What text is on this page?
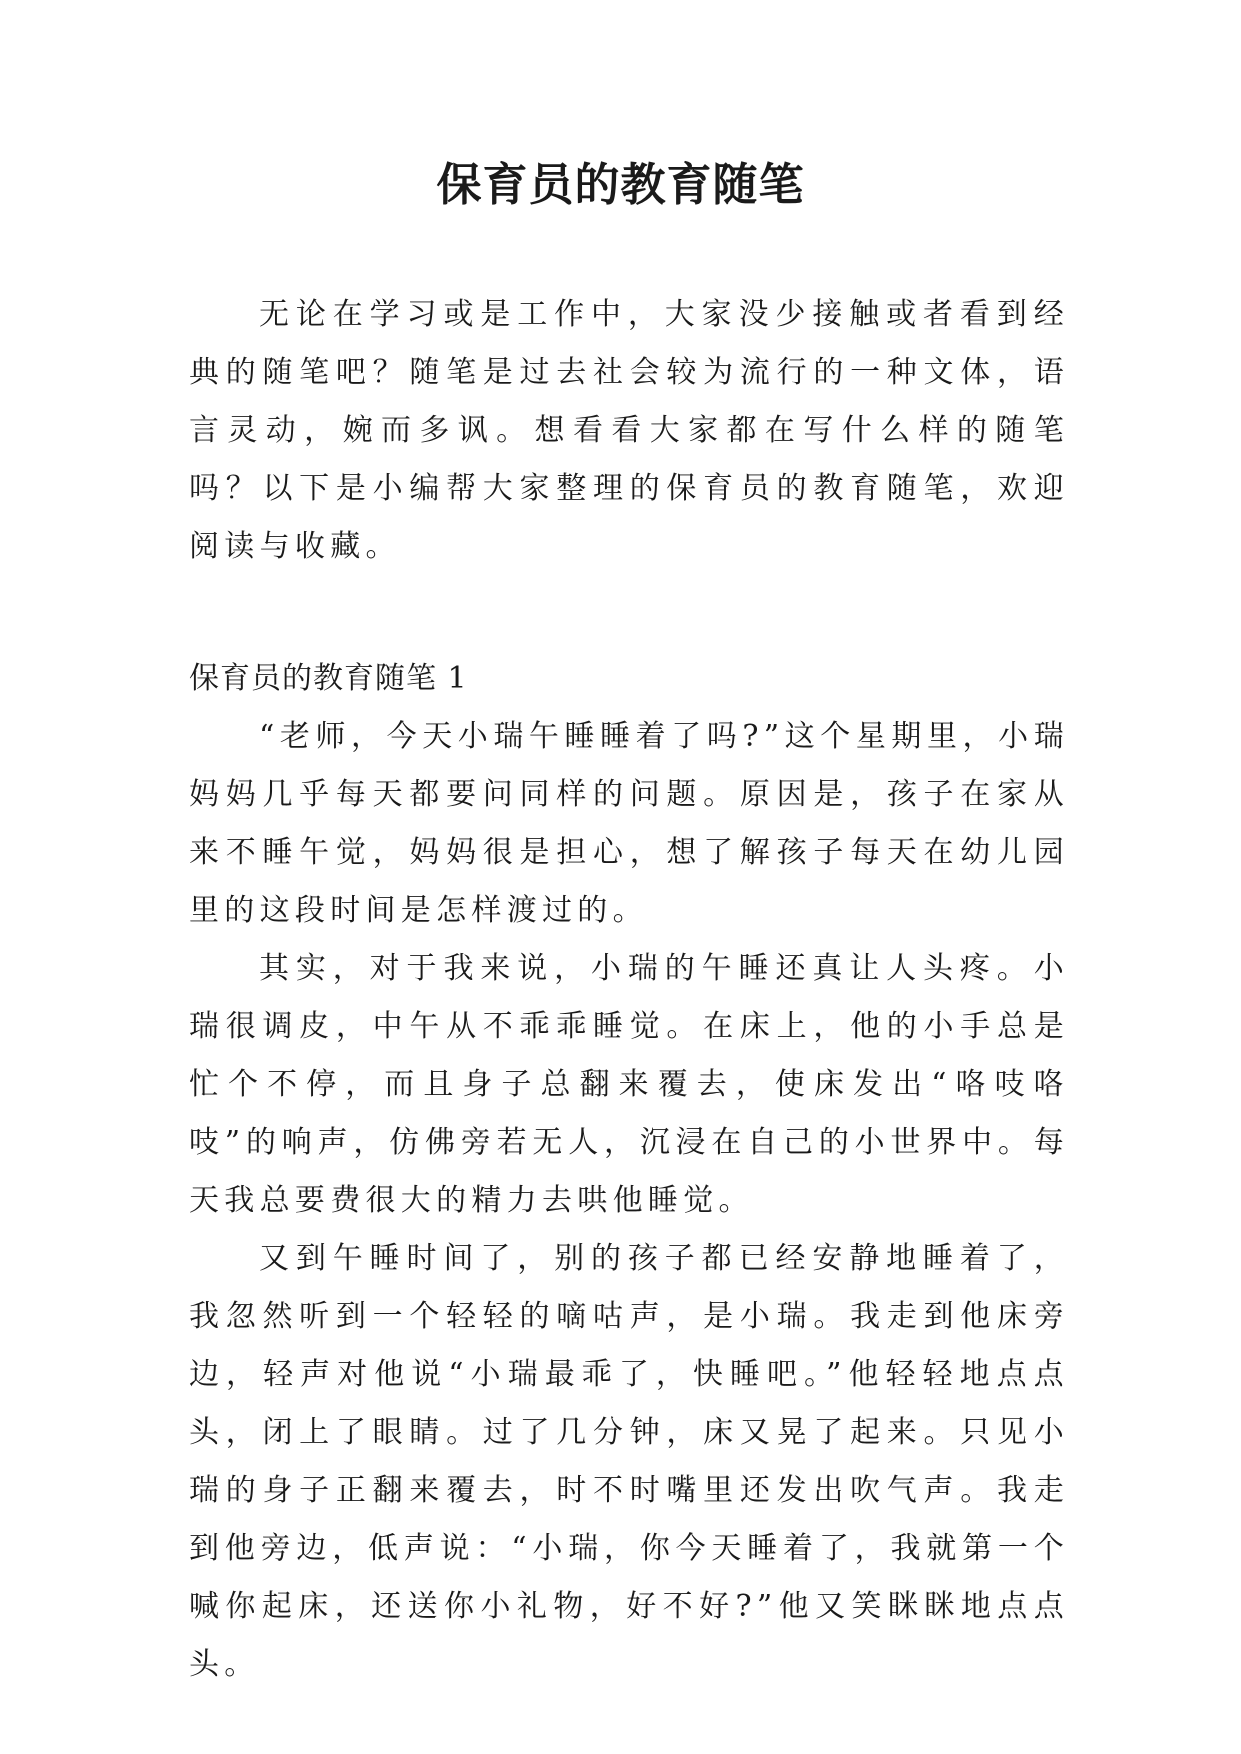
保育员的教育随笔

无论在学习或是工作中，大家没少接触或者看到经典的随笔吧？随笔是过去社会较为流行的一种文体，语言灵动，婉而多讽。想看看大家都在写什么样的随笔吗？以下是小编帮大家整理的保育员的教育随笔，欢迎阅读与收藏。

保育员的教育随笔 1

“老师，今天小瑞午睡睡着了吗?”这个星期里，小瑞妈妈几乎每天都要问同样的问题。原因是，孩子在家从来不睡午觉，妈妈很是担心，想了解孩子每天在幼儿园里的这段时间是怎样渡过的。

其实，对于我来说，小瑞的午睡还真让人头疼。小瑞很调皮，中午从不乖乖睡觉。在床上，他的小手总是忙个不停，而且身子总翻来覆去，使床发出“咯吱咯吱”的响声，仿佛旁若无人，沉浸在自己的小世界中。每天我总要费很大的精力去哄他睡觉。

又到午睡时间了，别的孩子都已经安静地睡着了，我忽然听到一个轻轻的嘀咕声，是小瑞。我走到他床旁边，轻声对他说“小瑞最乖了，快睡吧。”他轻轻地点点头，闭上了眼睛。过了几分钟，床又晃了起来。只见小瑞的身子正翻来覆去，时不时嘴里还发出吹气声。我走到他旁边，低声说：“小瑞，你今天睡着了，我就第一个喊你起床，还送你小礼物，好不好?”他又笑眯眯地点点头。
